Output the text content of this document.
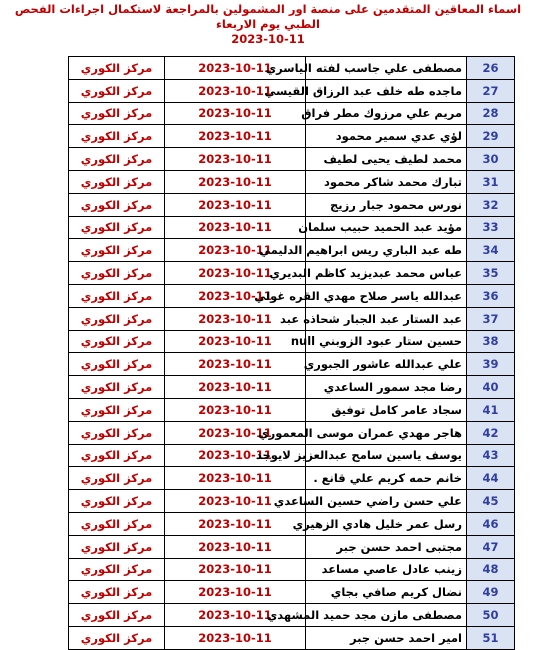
اسماء المعاقين المتقدمين على منصة اور المشمولين بالمراجعة لاستكمال اجراءات الفحص الطبي يوم الاربعاء
2023-10-11
مركز الكوري	2023-10-11	مصطفى علي جاسب لفته الياسري	26
مركز الكوري	2023-10-11	ماجده طه خلف عبد الرزاق القيسي	27
مركز الكوري	2023-10-11	مريم علي مرزوك مطر فراق	28
مركز الكوري	2023-10-11	لؤي عدي سمير محمود	29
مركز الكوري	2023-10-11	محمد لطيف يحيى لطيف	30
مركز الكوري	2023-10-11	تبارك محمد شاكر محمود	31
مركز الكوري	2023-10-11	نورس محمود جبار رزيج	32
مركز الكوري	2023-10-11	مؤيد عبد الحميد حبيب سلمان	33
مركز الكوري	2023-10-11	طه عبد الباري ريس ابراهيم الدليمي	34
مركز الكوري	2023-10-11	عباس محمد عبديزيد كاظم البديري	35
مركز الكوري	2023-10-11	عبدالله ياسر صلاح مهدي القره غولي	36
مركز الكوري	2023-10-11	عبد الستار عبد الجبار شحاذه عبد	37
مركز الكوري	2023-10-11	حسين ستار عبود الزوبني null	38
مركز الكوري	2023-10-11	علي عبدالله عاشور الجبوري	39
مركز الكوري	2023-10-11	رضا مجد سمور الساعدي	40
مركز الكوري	2023-10-11	سجاد عامر كامل توفيق	41
مركز الكوري	2023-10-11	هاجر مهدي عمران موسى المعموري	42
مركز الكوري	2023-10-11	يوسف ياسين سامح عبدالعزيز لايوجد	43
مركز الكوري	2023-10-11	خانم حمه كريم علي قانع .	44
مركز الكوري	2023-10-11	علي حسن راضي حسين الساعدي	45
مركز الكوري	2023-10-11	رسل عمر خليل هادي الزهيري	46
مركز الكوري	2023-10-11	مجتبى احمد حسن جبر	47
مركز الكوري	2023-10-11	زينب عادل عاصي مساعد	48
مركز الكوري	2023-10-11	نضال كريم صافي بجاي	49
مركز الكوري	2023-10-11	مصطفى مازن مجد حميد المشهدي	50
مركز الكوري	2023-10-11	امير احمد حسن جبر	51
